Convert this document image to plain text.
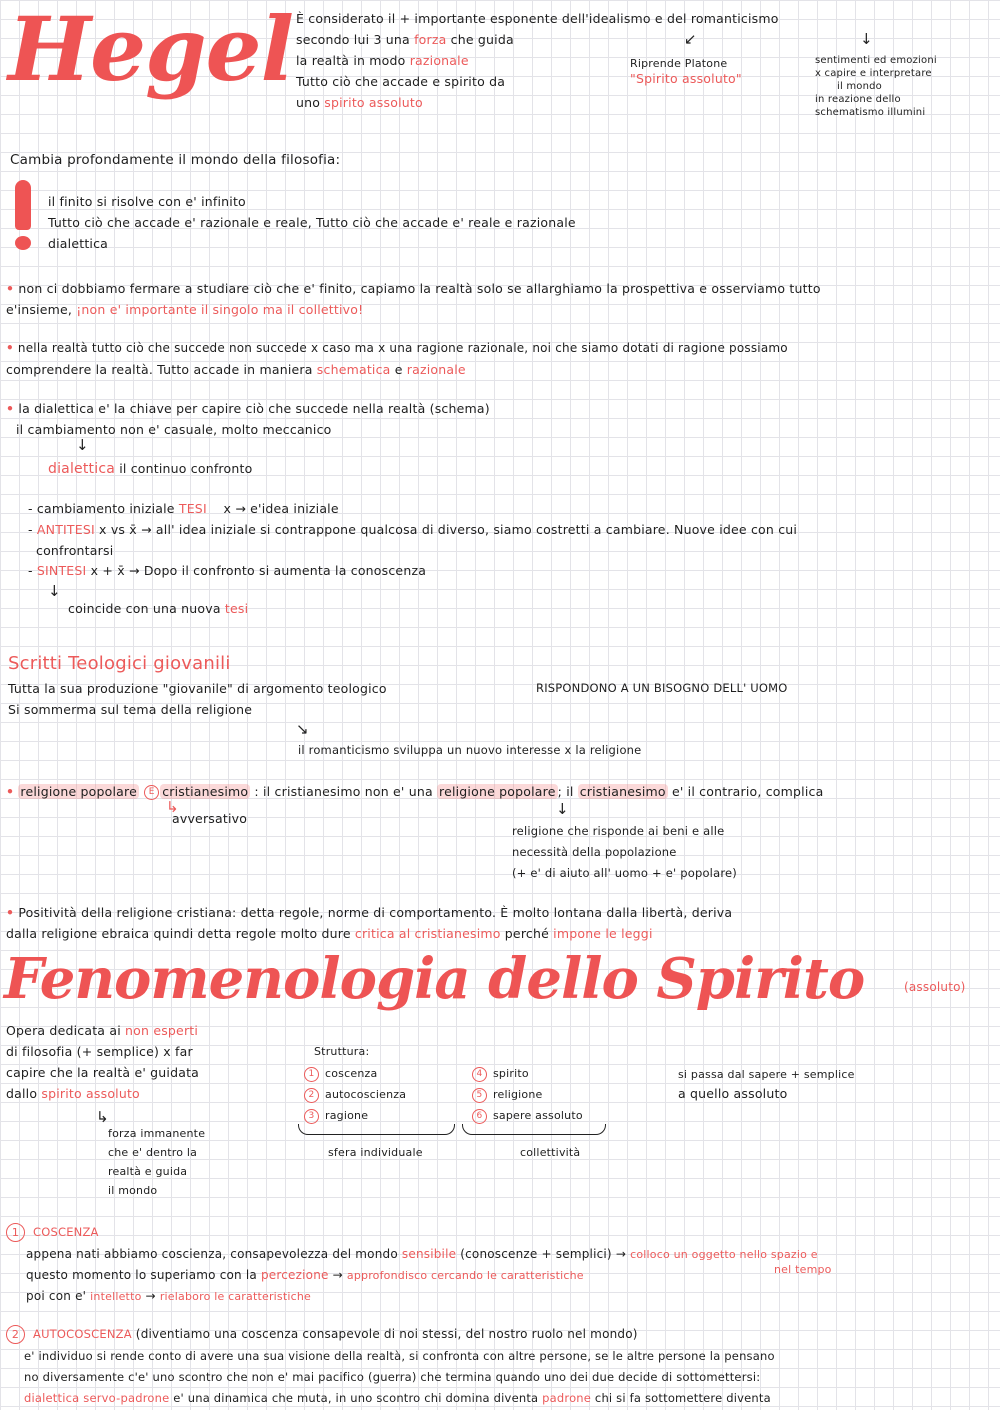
Hegel È considerato il + importante esponente dell'idealismo e del romanticismo
secondo lui 3 una forza che guida
la realtà in modo razionale
Tutto ciò che accade e spirito da
uno spirito assoluto
↙
Riprende Platone
"Spirito assoluto"
↓
sentimenti ed emozioni
x capire e interpretare
il mondo
in reazione dello
schematismo illumini
Cambia profondamente il mondo della filosofia:
il finito si risolve con e' infinito
Tutto ciò che accade e' razionale e reale, Tutto ciò che accade e' reale e razionale
dialettica
• non ci dobbiamo fermare a studiare ciò che e' finito, capiamo la realtà solo se allarghiamo la prospettiva e osserviamo tutto
e'insieme, ¡non e' importante il singolo ma il collettivo!
• nella realtà tutto ciò che succede non succede x caso ma x una ragione razionale, noi che siamo dotati di ragione possiamo
comprendere la realtà. Tutto accade in maniera schematica e razionale
• la dialettica e' la chiave per capire ciò che succede nella realtà (schema)
il cambiamento non e' casuale, molto meccanico
↓
dialettica il continuo confronto
- cambiamento iniziale TESI x → e'idea iniziale
- ANTITESI x vs x̄ → all' idea iniziale si contrappone qualcosa di diverso, siamo costretti a cambiare. Nuove idee con cui
confrontarsi
- SINTESI x + x̄ → Dopo il confronto si aumenta la conoscenza
↓
coincide con una nuova tesi
Scritti Teologici giovanili
Tutta la sua produzione "giovanile" di argomento teologico
Si sommerma sul tema della religione
RISPONDONO A UN BISOGNO DELL' UOMO
↘
il romanticismo sviluppa un nuovo interesse x la religione
• religione popolare E cristianesimo : il cristianesimo non e' una religione popolare ; il cristianesimo e' il contrario, complica
↳
avversativo
↓
religione che risponde ai beni e alle
necessità della popolazione
(+ e' di aiuto all' uomo + e' popolare)
• Positività della religione cristiana: detta regole, norme di comportamento. È molto lontana dalla libertà, deriva
dalla religione ebraica quindi detta regole molto dure critica al cristianesimo perché impone le leggi
Fenomenologia dello Spirito	(assoluto)
Opera dedicata ai non esperti
di filosofia (+ semplice) x far
capire che la realtà e' guidata
dallo spirito assoluto
↳
forza immanente
che e' dentro la
realtà e guida
il mondo
Struttura:
1 coscenza
2 autocoscienza
3 ragione
4 spirito
5 religione
6 sapere assoluto
sfera individuale	collettività
si passa dal sapere + semplice
a quello assoluto
1 COSCENZA
appena nati abbiamo coscienza, consapevolezza del mondo sensibile (conoscenze + semplici) → colloco un oggetto nello spazio e
questo momento lo superiamo con la percezione → approfondisco cercando le caratteristiche	nel tempo
poi con e' intelletto → rielaboro le caratteristiche
2 AUTOCOSCENZA (diventiamo una coscenza consapevole di noi stessi, del nostro ruolo nel mondo)
e' individuo si rende conto di avere una sua visione della realtà, si confronta con altre persone, se le altre persone la pensano
no diversamente c'e' uno scontro che non e' mai pacifico (guerra) che termina quando uno dei due decide di sottomettersi:
dialettica servo-padrone e' una dinamica che muta, in uno scontro chi domina diventa padrone chi si fa sottomettere diventa
